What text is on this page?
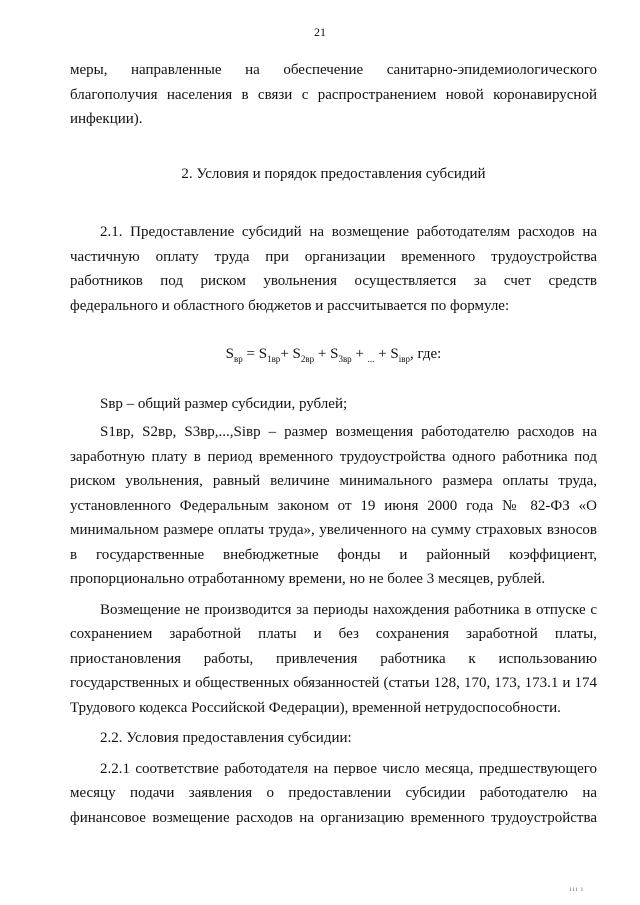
21

меры, направленные на обеспечение санитарно-эпидемиологического

благополучия населения в связи с распространением новой коронавирусной

инфекции).

2. Условия и порядок предоставления субсидий

2.1. Предоставление субсидий на возмещение работодателям расходов на

частичную оплату труда при организации временного трудоустройства

работников под риском увольнения осуществляется за счет средств

федерального и областного бюджетов и рассчитывается по формуле:

$S_{вр} = S_{1вр}+ S_{2вр} + S_{3вр} + _{...} + S_{iвр}$, где:

Sвр – общий размер субсидии, рублей;

S1вр, S2вр, S3вр,...,Siвр – размер возмещения работодателю расходов на

заработную плату в период временного трудоустройства одного работника под

риском увольнения, равный величине минимального размера оплаты труда,

установленного Федеральным законом от 19 июня 2000 года № 82-ФЗ «О

минимальном размере оплаты труда», увеличенного на сумму страховых взносов

в государственные внебюджетные фонды и районный коэффициент,

пропорционально отработанному времени, но не более 3 месяцев, рублей.

Возмещение не производится за периоды нахождения работника в отпуске с

сохранением заработной платы и без сохранения заработной платы,

приостановления работы, привлечения работника к использованию

государственных и общественных обязанностей (статьи 128, 170, 173, 173.1 и 174

Трудового кодекса Российской Федерации), временной нетрудоспособности.

2.2. Условия предоставления субсидии:

2.2.1 соответствие работодателя на первое число месяца, предшествующего

месяцу подачи заявления о предоставлении субсидии работодателю на

финансовое возмещение расходов на организацию временного трудоустройства

ııı ı
